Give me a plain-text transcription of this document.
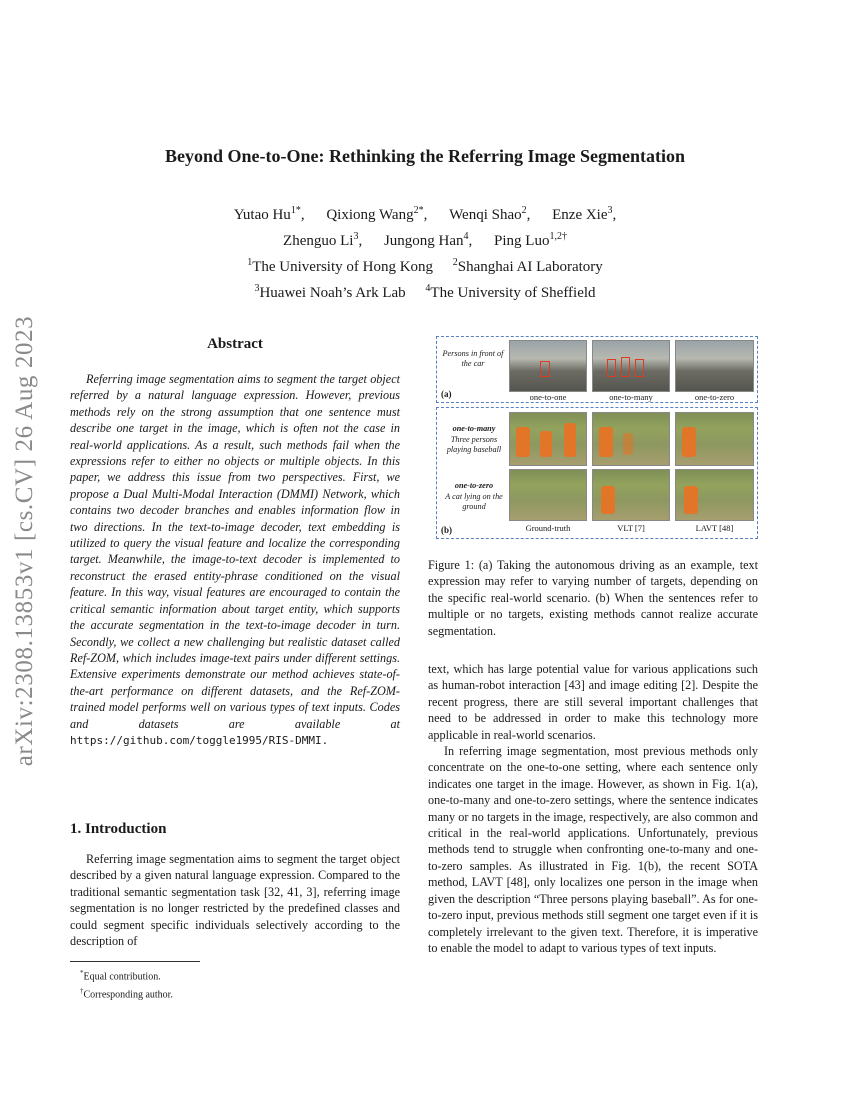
arXiv:2308.13853v1 [cs.CV] 26 Aug 2023
Beyond One-to-One: Rethinking the Referring Image Segmentation
Yutao $Hu^{1*}$, Qixiong Wang$^{2*}$, Wenqi Shao$^2$, Enze Xie$^3$,
Zhenguo Li$^3$, Jungong Han$^4$, Ping Luo$^{1,2\dagger}$
$^1$The University of Hong Kong $^2$Shanghai AI Laboratory
$^3$Huawei Noah’s Ark Lab $^4$The University of Sheffield
Abstract
Referring image segmentation aims to segment the target object referred by a natural language expression. However, previous methods rely on the strong assumption that one sentence must describe one target in the image, which is often not the case in real-world applications. As a result, such methods fail when the expressions refer to either no objects or multiple objects. In this paper, we address this issue from two perspectives. First, we propose a Dual Multi-Modal Interaction (DMMI) Network, which contains two decoder branches and enables information flow in two directions. In the text-to-image decoder, text embedding is utilized to query the visual feature and localize the corresponding target. Meanwhile, the image-to-text decoder is implemented to reconstruct the erased entity-phrase conditioned on the visual feature. In this way, visual features are encouraged to contain the critical semantic information about target entity, which supports the accurate segmentation in the text-to-image decoder in turn. Secondly, we collect a new challenging but realistic dataset called Ref-ZOM, which includes image-text pairs under different settings. Extensive experiments demonstrate our method achieves state-of-the-art performance on different datasets, and the Ref-ZOM-trained model performs well on various types of text inputs. Codes and datasets are available at https://github.com/toggle1995/RIS-DMMI.
1. Introduction
Referring image segmentation aims to segment the target object described by a given natural language expression. Compared to the traditional semantic segmentation task [32, 41, 3], referring image segmentation is no longer restricted by the predefined classes and could segment specific individuals selectively according to the description of
*Equal contribution.
†Corresponding author.
Persons in front of the car
(a)	one-to-one	one-to-many	one-to-zero
one-to-many
Three persons playing baseball
one-to-zero
A cat lying on the ground
(b)	Ground-truth	VLT [7]	LAVT [48]
Figure 1: (a) Taking the autonomous driving as an example, text expression may refer to varying number of targets, depending on the specific real-world scenario. (b) When the sentences refer to multiple or no targets, existing methods cannot realize accurate segmentation.

text, which has large potential value for various applications such as human-robot interaction [43] and image editing [2]. Despite the recent progress, there are still several important challenges that need to be addressed in order to make this technology more applicable in real-world scenarios.

In referring image segmentation, most previous methods only concentrate on the one-to-one setting, where each sentence only indicates one target in the image. However, as shown in Fig. 1(a), one-to-many and one-to-zero settings, where the sentence indicates many or no targets in the image, respectively, are also common and critical in the real-world applications. Unfortunately, previous methods tend to struggle when confronting one-to-many and one-to-zero samples. As illustrated in Fig. 1(b), the recent SOTA method, LAVT [48], only localizes one person in the image when given the description “Three persons playing baseball”. As for one-to-zero input, previous methods still segment one target even if it is completely irrelevant to the given text. Therefore, it is imperative to enable the model to adapt to various types of text inputs.
